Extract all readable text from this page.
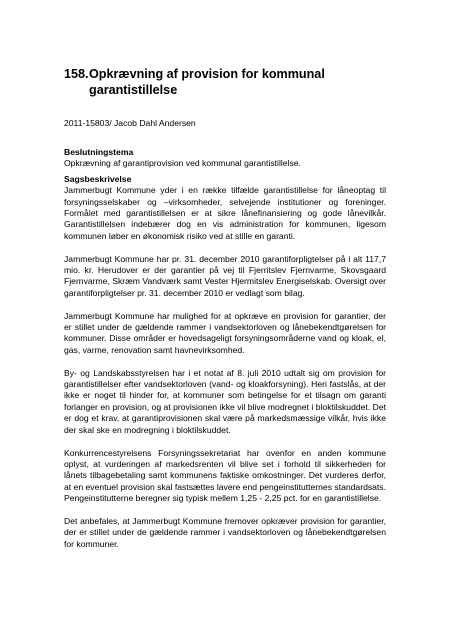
158.Opkrævning af provision for kommunal
garantistillelse
2011-15803/ Jacob Dahl Andersen
Beslutningstema

Opkrævning af garantiprovision ved kommunal garantistillelse.

Sagsbeskrivelse

Jammerbugt Kommune yder i en række tilfælde garantistillelse for låneoptag til forsyningsselskaber og –virksomheder, selvejende institutioner og foreninger. Formålet med garantistillelsen er at sikre lånefinansiering og gode lånevilkår. Garantistillelsen indebærer dog en vis administration for kommunen, ligesom kommunen løber en økonomisk risiko ved at stille en garanti.

Jammerbugt Kommune har pr. 31. december 2010 garantiforpligtelser på i alt 117,7 mio. kr. Herudover er der garantier på vej til Fjerritslev Fjernvarme, Skovsgaard Fjernvarme, Skræm Vandværk samt Vester Hjermitslev Energiselskab. Oversigt over garantiforpligtelser pr. 31. december 2010 er vedlagt som bilag.

Jammerbugt Kommune har mulighed for at opkræve en provision for garantier, der er stillet under de gældende rammer i vandsektorloven og lånebekendtgørelsen for kommuner. Disse områder er hovedsageligt forsyningsområderne vand og kloak, el, gas, varme, renovation samt havnevirksomhed.

By- og Landskabsstyrelsen har i et notat af 8. juli 2010 udtalt sig om provision for garantistillelser efter vandsektorloven (vand- og kloakforsyning). Heri fastslås, at der ikke er noget til hinder for, at kommuner som betingelse for et tilsagn om garanti forlanger en provision, og at provisionen ikke vil blive modregnet i bloktilskuddet. Det er dog et krav, at garantiprovisionen skal være på markedsmæssige vilkår, hvis ikke der skal ske en modregning i bloktilskuddet.

Konkurrencestyrelsens Forsyningssekretariat har ovenfor en anden kommune oplyst, at vurderingen af markedsrenten vil blive set i forhold til sikkerheden for lånets tilbagebetaling samt kommunens faktiske omkostninger. Det vurderes derfor, at en eventuel provision skal fastsættes lavere end pengeinstitutternes standardsats. Pengeinstitutterne beregner sig typisk mellem 1,25 - 2,25 pct. for en garantistillelse.

Det anbefales, at Jammerbugt Kommune fremover opkræver provision for garantier, der er stillet under de gældende rammer i vandsektorloven og lånebekendtgørelsen for kommuner.
